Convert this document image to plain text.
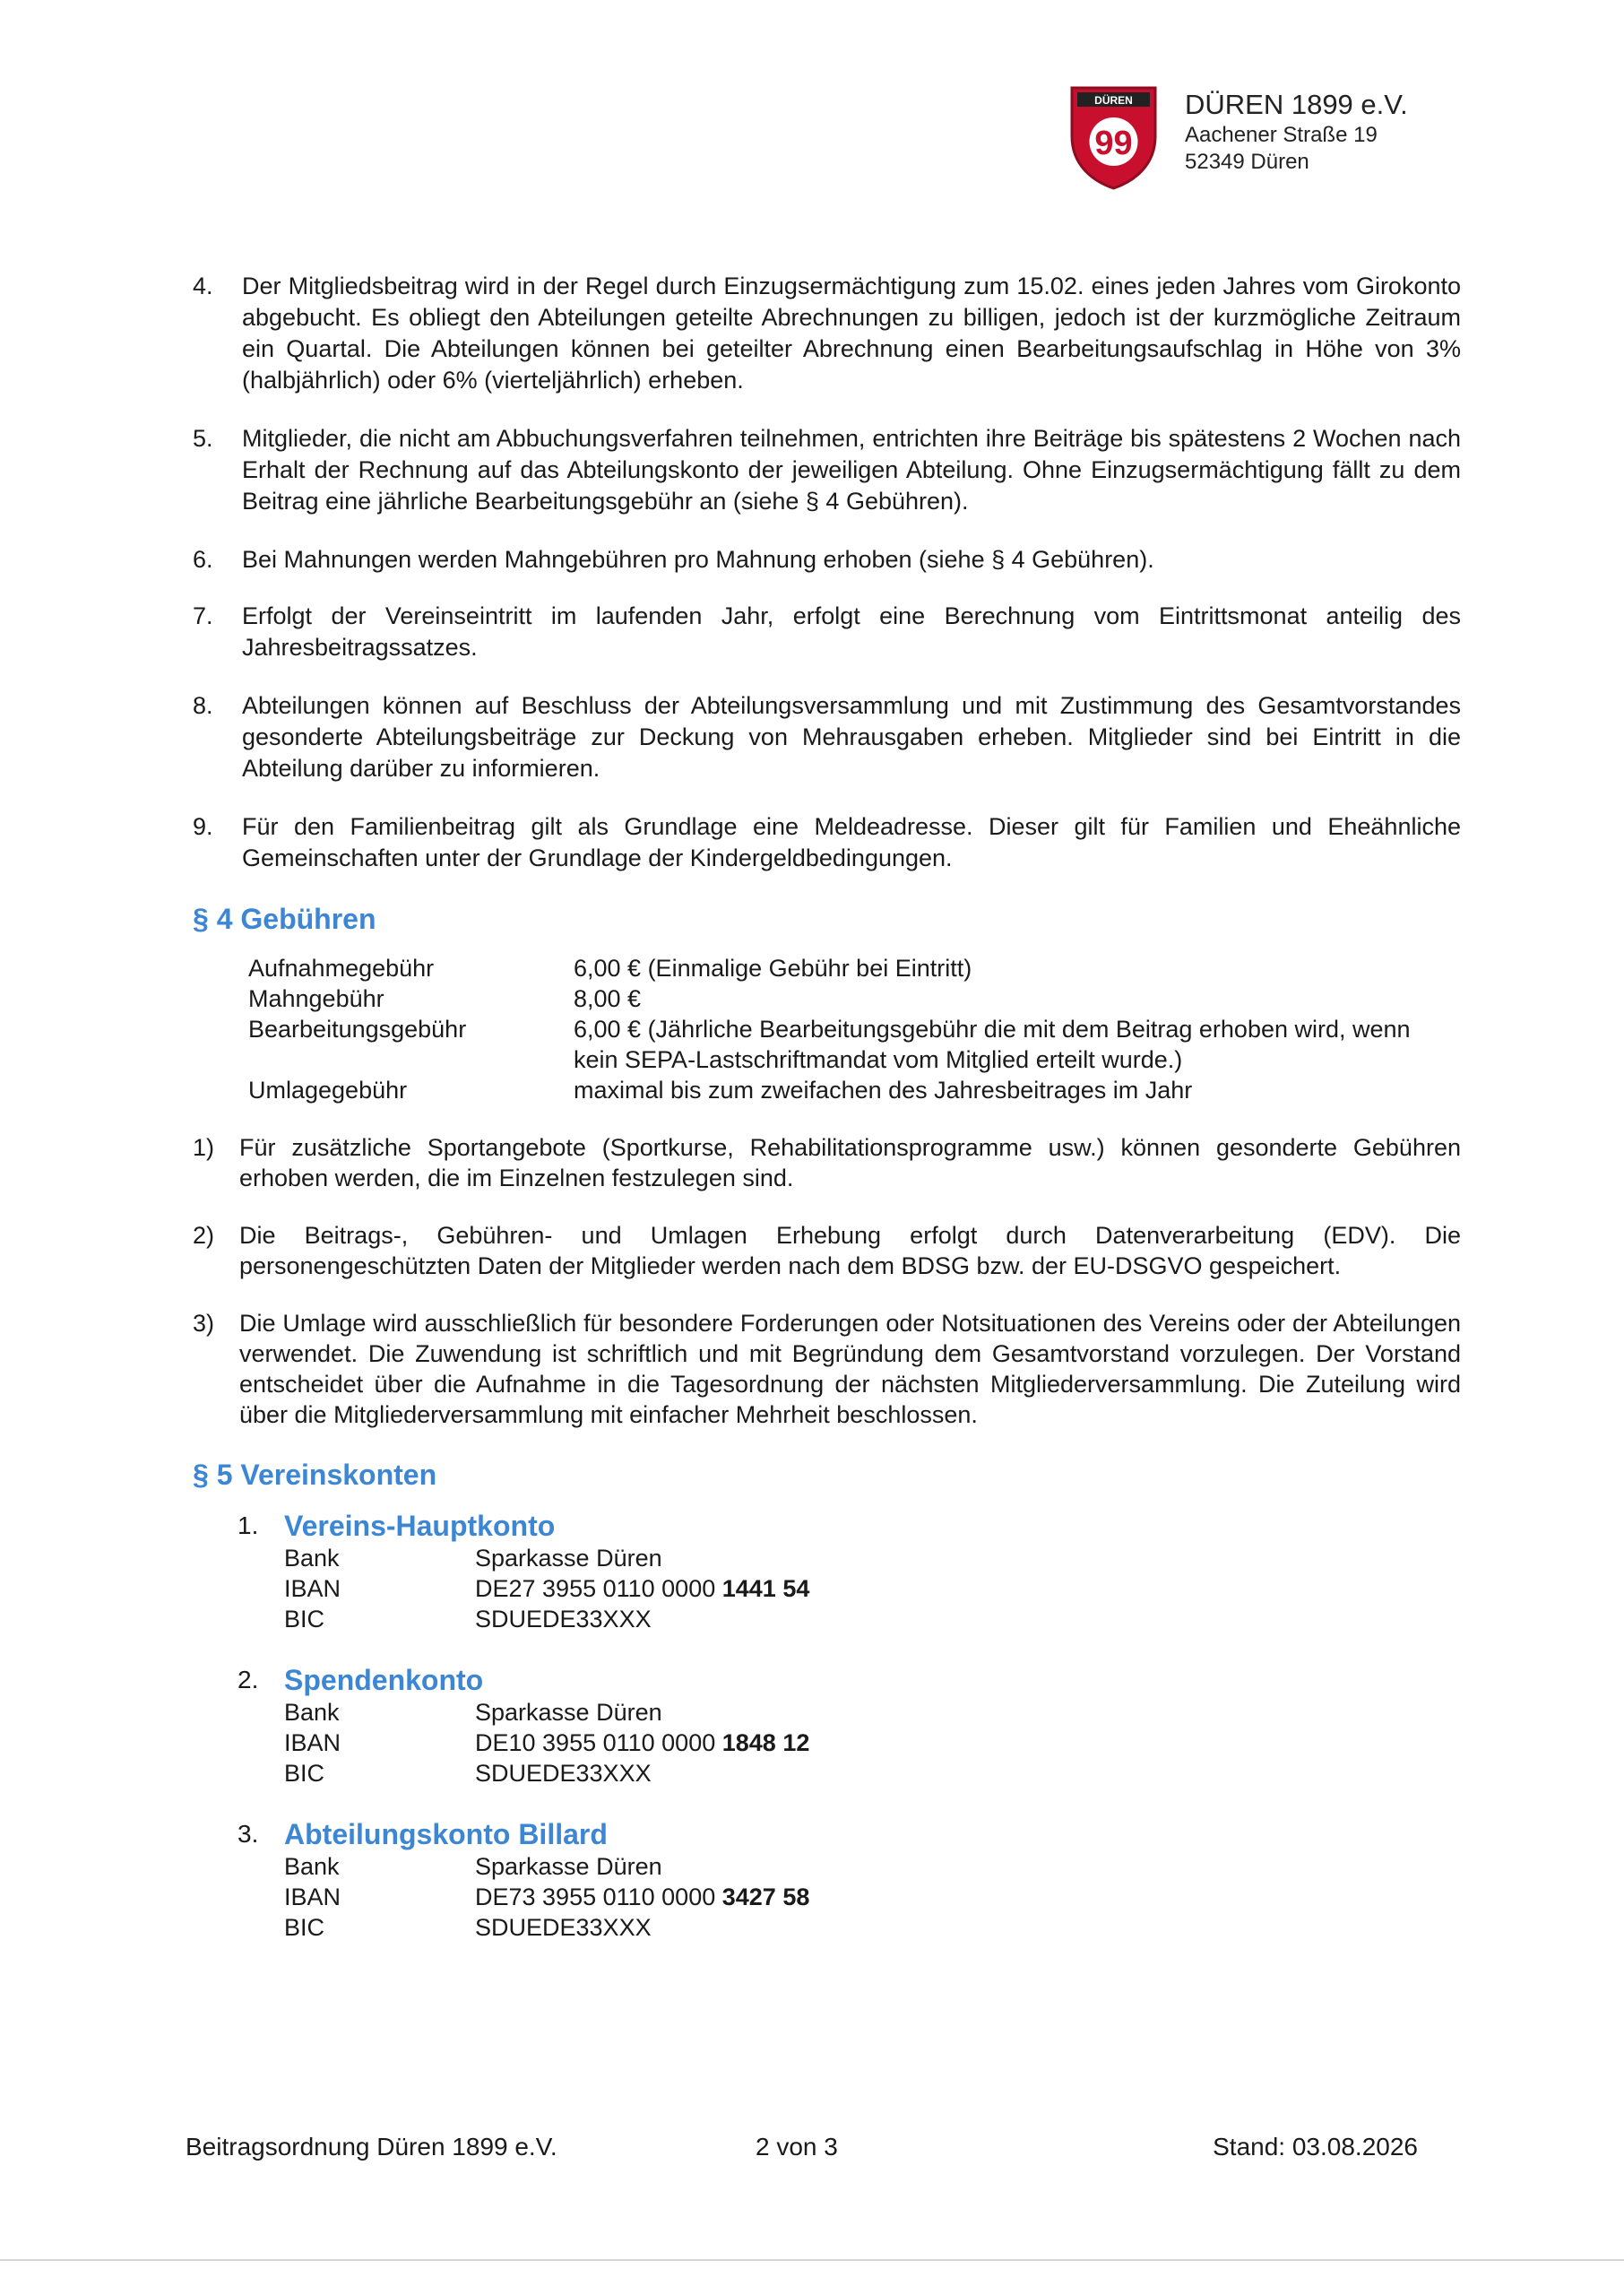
DÜREN
99
DÜREN 1899 e.V.
Aachener Straße 19
52349 Düren
4.	Der Mitgliedsbeitrag wird in der Regel durch Einzugsermächtigung zum 15.02. eines jeden Jahres vom Girokonto abgebucht. Es obliegt den Abteilungen geteilte Abrechnungen zu billigen, jedoch ist der kurzmögliche Zeitraum ein Quartal. Die Abteilungen können bei geteilter Abrechnung einen Bearbeitungsaufschlag in Höhe von 3% (halbjährlich) oder 6% (vierteljährlich) erheben.
5.	Mitglieder, die nicht am Abbuchungsverfahren teilnehmen, entrichten ihre Beiträge bis spätestens 2 Wochen nach Erhalt der Rechnung auf das Abteilungskonto der jeweiligen Abteilung. Ohne Einzugsermächtigung fällt zu dem Beitrag eine jährliche Bearbeitungsgebühr an (siehe § 4 Gebühren).
6.	Bei Mahnungen werden Mahngebühren pro Mahnung erhoben (siehe § 4 Gebühren).
7.	Erfolgt der Vereinseintritt im laufenden Jahr, erfolgt eine Berechnung vom Eintrittsmonat anteilig des Jahresbeitragssatzes.
8.	Abteilungen können auf Beschluss der Abteilungsversammlung und mit Zustimmung des Gesamtvorstandes gesonderte Abteilungsbeiträge zur Deckung von Mehrausgaben erheben. Mitglieder sind bei Eintritt in die Abteilung darüber zu informieren.
9.	Für den Familienbeitrag gilt als Grundlage eine Meldeadresse. Dieser gilt für Familien und Eheähnliche Gemeinschaften unter der Grundlage der Kindergeldbedingungen.
§ 4 Gebühren
Aufnahmegebühr	6,00 € (Einmalige Gebühr bei Eintritt)
Mahngebühr	8,00 €
Bearbeitungsgebühr	6,00 € (Jährliche Bearbeitungsgebühr die mit dem Beitrag erhoben wird, wenn kein SEPA-Lastschriftmandat vom Mitglied erteilt wurde.)
Umlagegebühr	maximal bis zum zweifachen des Jahresbeitrages im Jahr
1) Für zusätzliche Sportangebote (Sportkurse, Rehabilitationsprogramme usw.) können gesonderte Gebühren erhoben werden, die im Einzelnen festzulegen sind.
2) Die Beitrags-, Gebühren- und Umlagen Erhebung erfolgt durch Datenverarbeitung (EDV). Die personengeschützten Daten der Mitglieder werden nach dem BDSG bzw. der EU-DSGVO gespeichert.
3) Die Umlage wird ausschließlich für besondere Forderungen oder Notsituationen des Vereins oder der Abteilungen verwendet. Die Zuwendung ist schriftlich und mit Begründung dem Gesamtvorstand vorzulegen. Der Vorstand entscheidet über die Aufnahme in die Tagesordnung der nächsten Mitgliederversammlung. Die Zuteilung wird über die Mitgliederversammlung mit einfacher Mehrheit beschlossen.
§ 5 Vereinskonten
1. Vereins-Hauptkonto
Bank	Sparkasse Düren
IBAN	DE27 3955 0110 0000 1441 54
BIC	SDUEDE33XXX
2. Spendenkonto
Bank	Sparkasse Düren
IBAN	DE10 3955 0110 0000 1848 12
BIC	SDUEDE33XXX
3. Abteilungskonto Billard
Bank	Sparkasse Düren
IBAN	DE73 3955 0110 0000 3427 58
BIC	SDUEDE33XXX
Beitragsordnung Düren 1899 e.V.	2 von 3	Stand: 03.08.2026
